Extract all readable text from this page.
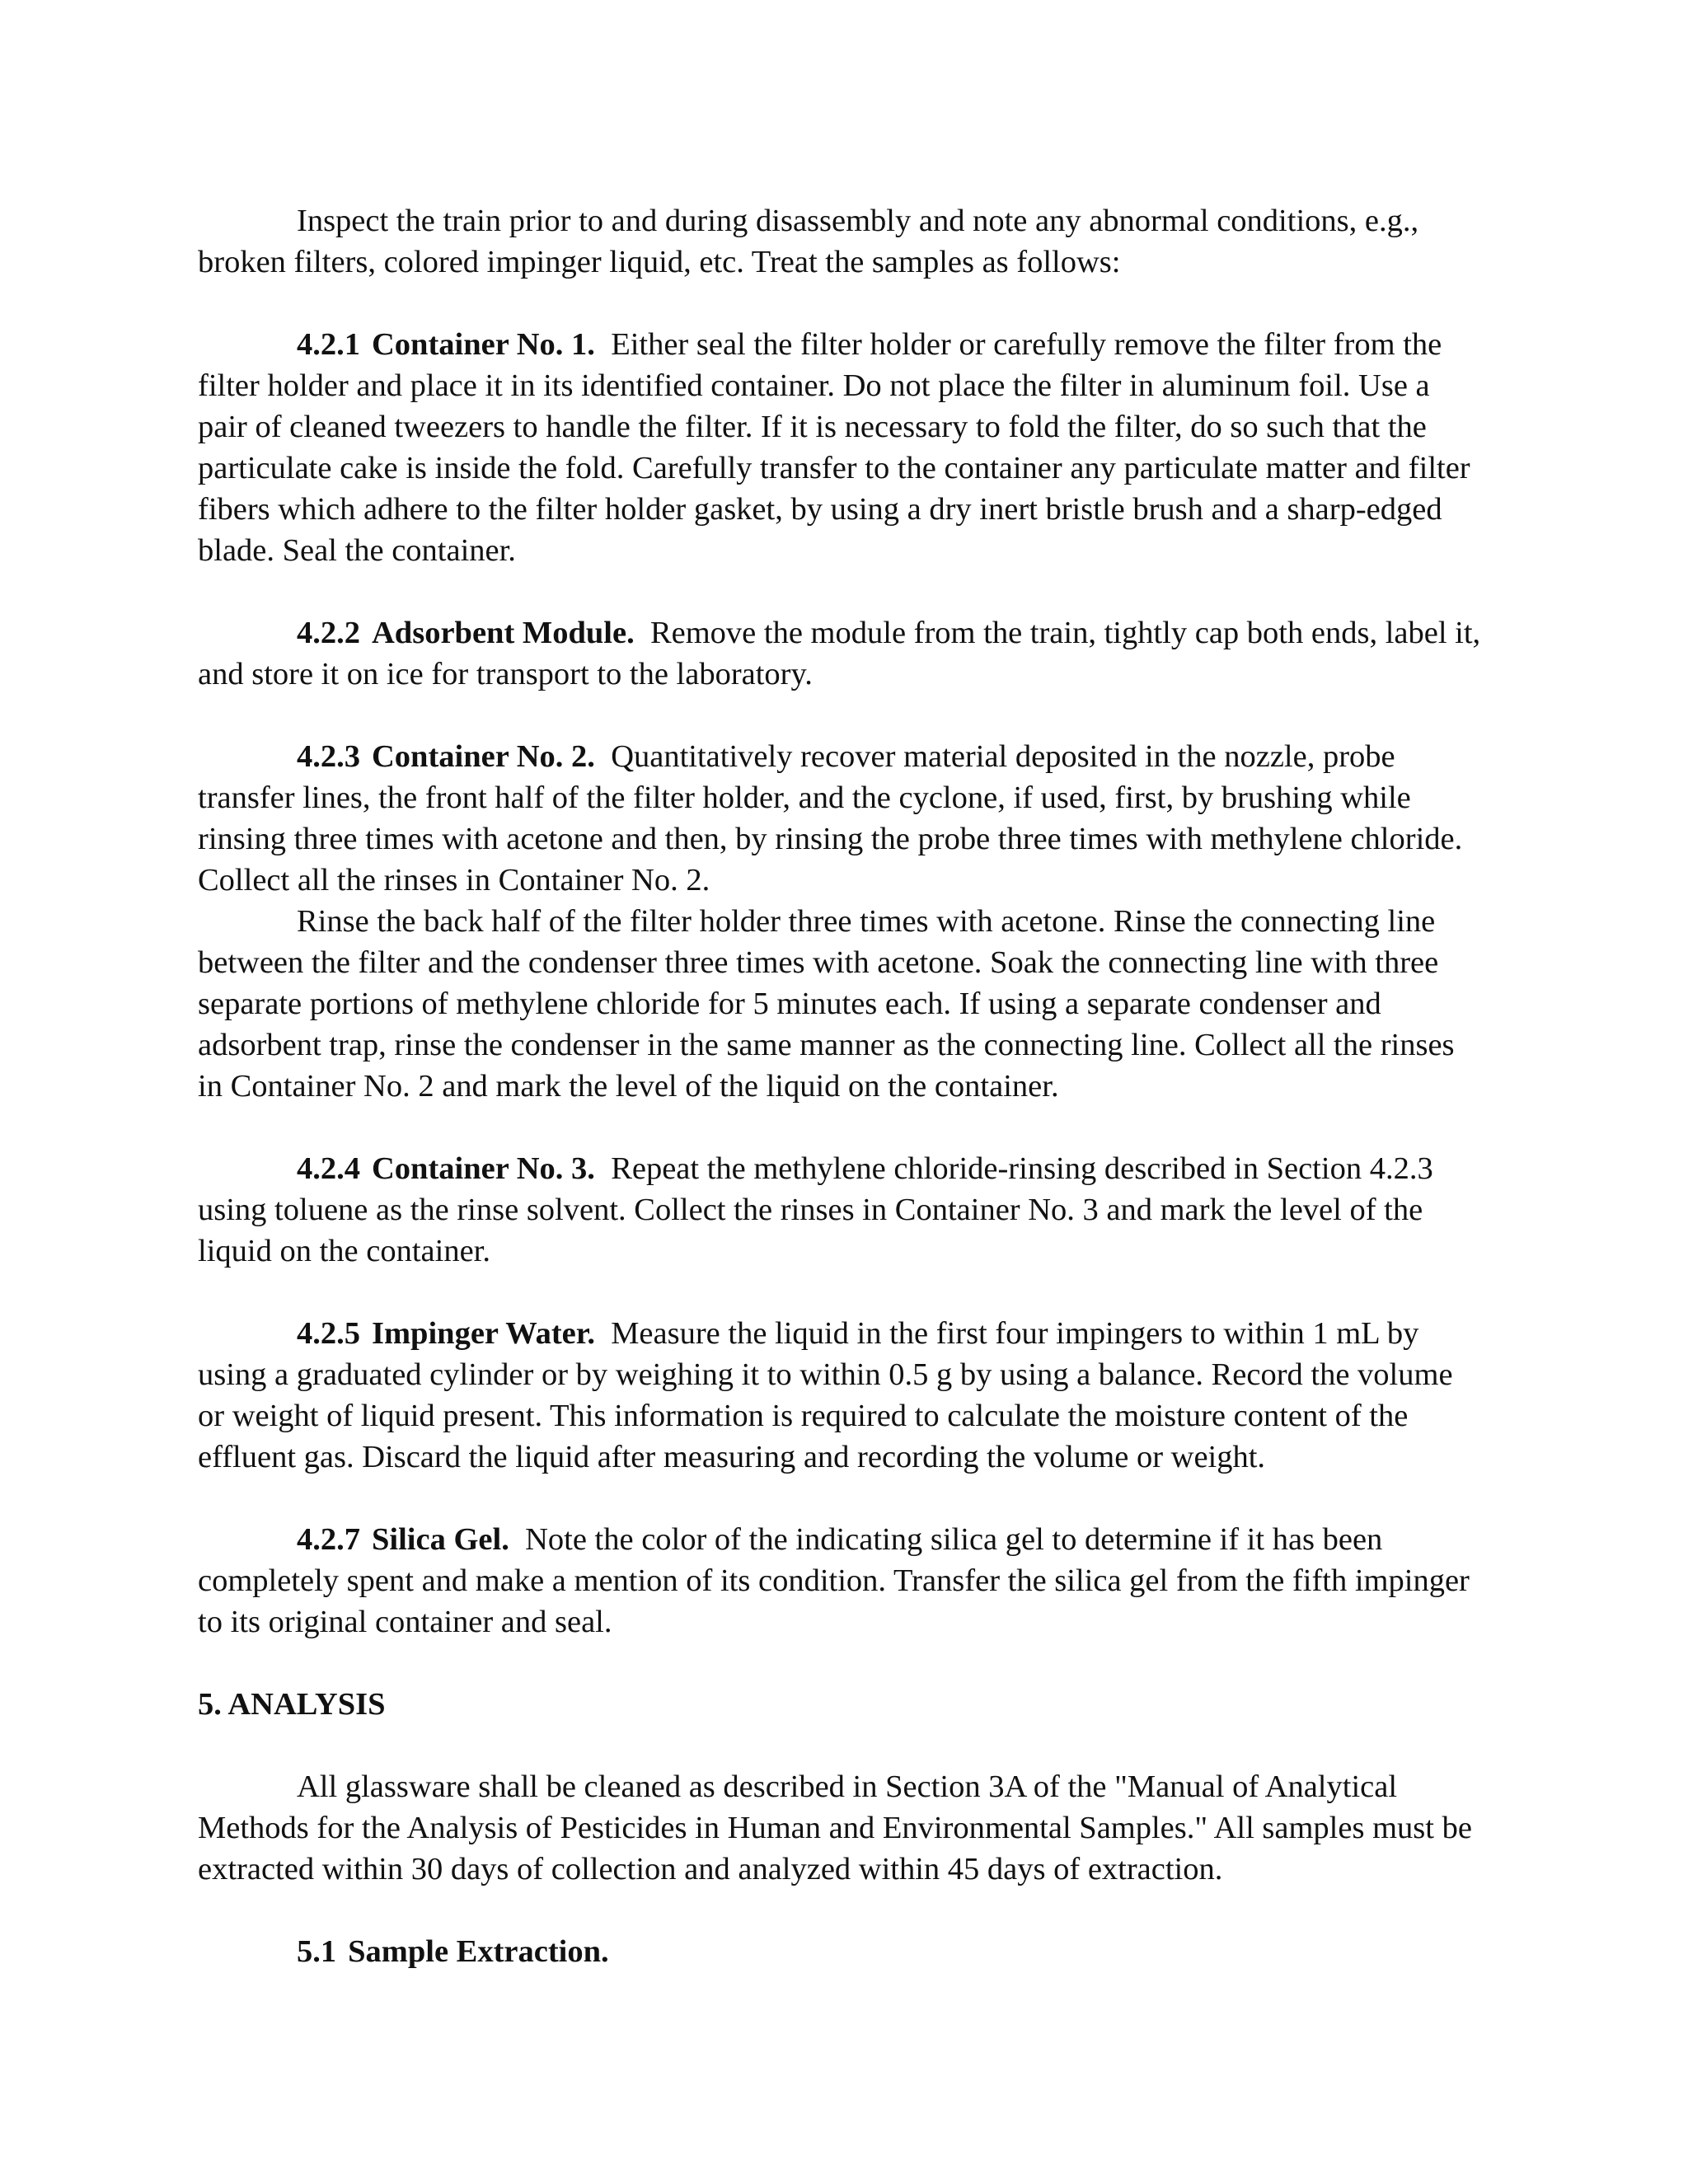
Inspect the train prior to and during disassembly and note any abnormal conditions, e.g., broken filters, colored impinger liquid, etc. Treat the samples as follows:

4.2.1 Container No. 1. Either seal the filter holder or carefully remove the filter from the filter holder and place it in its identified container. Do not place the filter in aluminum foil. Use a pair of cleaned tweezers to handle the filter. If it is necessary to fold the filter, do so such that the particulate cake is inside the fold. Carefully transfer to the container any particulate matter and filter fibers which adhere to the filter holder gasket, by using a dry inert bristle brush and a sharp-edged blade. Seal the container.

4.2.2 Adsorbent Module. Remove the module from the train, tightly cap both ends, label it, and store it on ice for transport to the laboratory.

4.2.3 Container No. 2. Quantitatively recover material deposited in the nozzle, probe transfer lines, the front half of the filter holder, and the cyclone, if used, first, by brushing while rinsing three times with acetone and then, by rinsing the probe three times with methylene chloride. Collect all the rinses in Container No. 2.

Rinse the back half of the filter holder three times with acetone. Rinse the connecting line between the filter and the condenser three times with acetone. Soak the connecting line with three separate portions of methylene chloride for 5 minutes each. If using a separate condenser and adsorbent trap, rinse the condenser in the same manner as the connecting line. Collect all the rinses in Container No. 2 and mark the level of the liquid on the container.

4.2.4 Container No. 3. Repeat the methylene chloride-rinsing described in Section 4.2.3 using toluene as the rinse solvent. Collect the rinses in Container No. 3 and mark the level of the liquid on the container.

4.2.5 Impinger Water. Measure the liquid in the first four impingers to within 1 mL by using a graduated cylinder or by weighing it to within 0.5 g by using a balance. Record the volume or weight of liquid present. This information is required to calculate the moisture content of the effluent gas. Discard the liquid after measuring and recording the volume or weight.

4.2.7 Silica Gel. Note the color of the indicating silica gel to determine if it has been completely spent and make a mention of its condition. Transfer the silica gel from the fifth impinger to its original container and seal.

5. ANALYSIS

All glassware shall be cleaned as described in Section 3A of the "Manual of Analytical Methods for the Analysis of Pesticides in Human and Environmental Samples." All samples must be extracted within 30 days of collection and analyzed within 45 days of extraction.

5.1 Sample Extraction.
